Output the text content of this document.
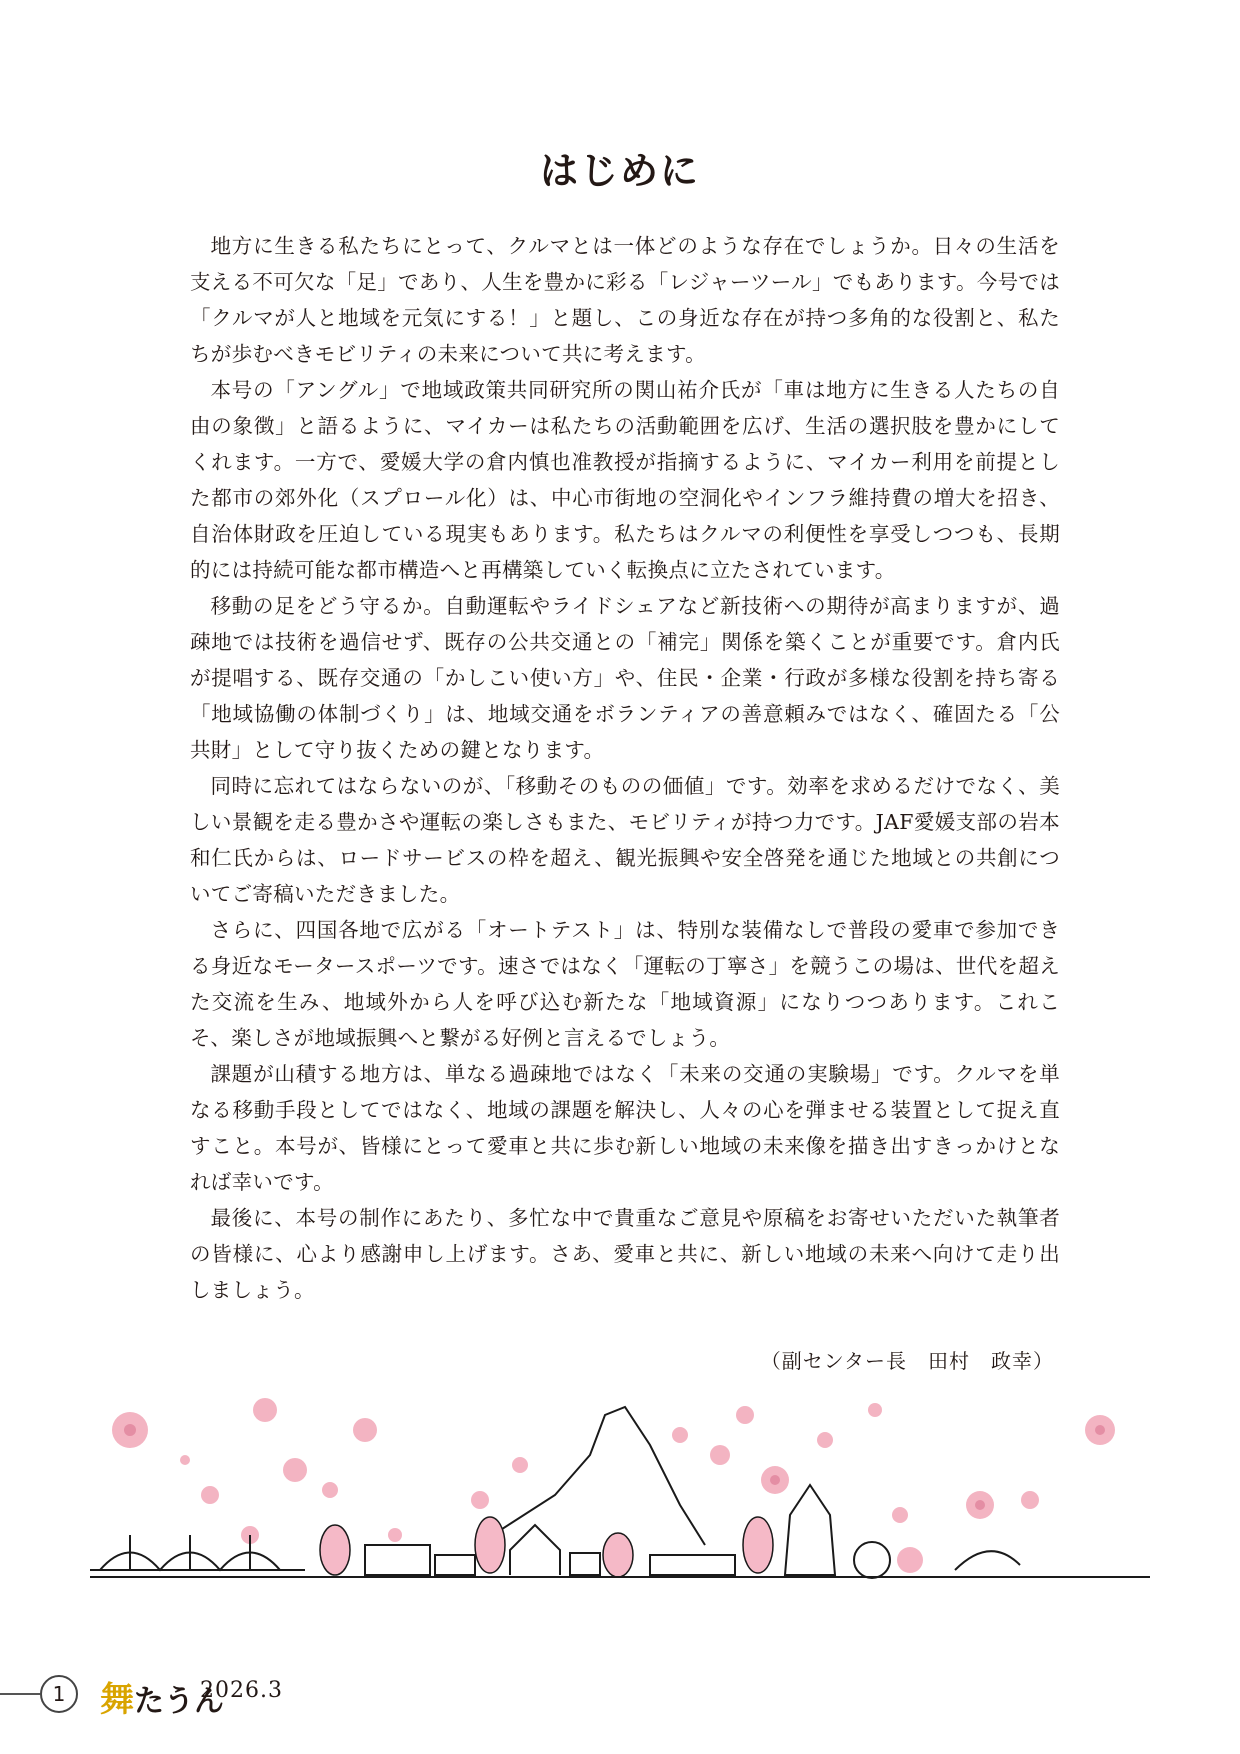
はじめに

地方に生きる私たちにとって、クルマとは一体どのような存在でしょうか。日々の生活を支える不可欠な「足」であり、人生を豊かに彩る「レジャーツール」でもあります。今号では「クルマが人と地域を元気にする！」と題し、この身近な存在が持つ多角的な役割と、私たちが歩むべきモビリティの未来について共に考えます。

本号の「アングル」で地域政策共同研究所の関山祐介氏が「車は地方に生きる人たちの自由の象徴」と語るように、マイカーは私たちの活動範囲を広げ、生活の選択肢を豊かにしてくれます。一方で、愛媛大学の倉内慎也准教授が指摘するように、マイカー利用を前提とした都市の郊外化（スプロール化）は、中心市街地の空洞化やインフラ維持費の増大を招き、自治体財政を圧迫している現実もあります。私たちはクルマの利便性を享受しつつも、長期的には持続可能な都市構造へと再構築していく転換点に立たされています。

移動の足をどう守るか。自動運転やライドシェアなど新技術への期待が高まりますが、過疎地では技術を過信せず、既存の公共交通との「補完」関係を築くことが重要です。倉内氏が提唱する、既存交通の「かしこい使い方」や、住民・企業・行政が多様な役割を持ち寄る「地域協働の体制づくり」は、地域交通をボランティアの善意頼みではなく、確固たる「公共財」として守り抜くための鍵となります。

同時に忘れてはならないのが、「移動そのものの価値」です。効率を求めるだけでなく、美しい景観を走る豊かさや運転の楽しさもまた、モビリティが持つ力です。JAF愛媛支部の岩本和仁氏からは、ロードサービスの枠を超え、観光振興や安全啓発を通じた地域との共創についてご寄稿いただきました。

さらに、四国各地で広がる「オートテスト」は、特別な装備なしで普段の愛車で参加できる身近なモータースポーツです。速さではなく「運転の丁寧さ」を競うこの場は、世代を超えた交流を生み、地域外から人を呼び込む新たな「地域資源」になりつつあります。これこそ、楽しさが地域振興へと繋がる好例と言えるでしょう。

課題が山積する地方は、単なる過疎地ではなく「未来の交通の実験場」です。クルマを単なる移動手段としてではなく、地域の課題を解決し、人々の心を弾ませる装置として捉え直すこと。本号が、皆様にとって愛車と共に歩む新しい地域の未来像を描き出すきっかけとなれば幸いです。

最後に、本号の制作にあたり、多忙な中で貴重なご意見や原稿をお寄せいただいた執筆者の皆様に、心より感謝申し上げます。さあ、愛車と共に、新しい地域の未来へ向けて走り出しましょう。

（副センター長　田村　政幸）

1	舞たうん
2026.3
